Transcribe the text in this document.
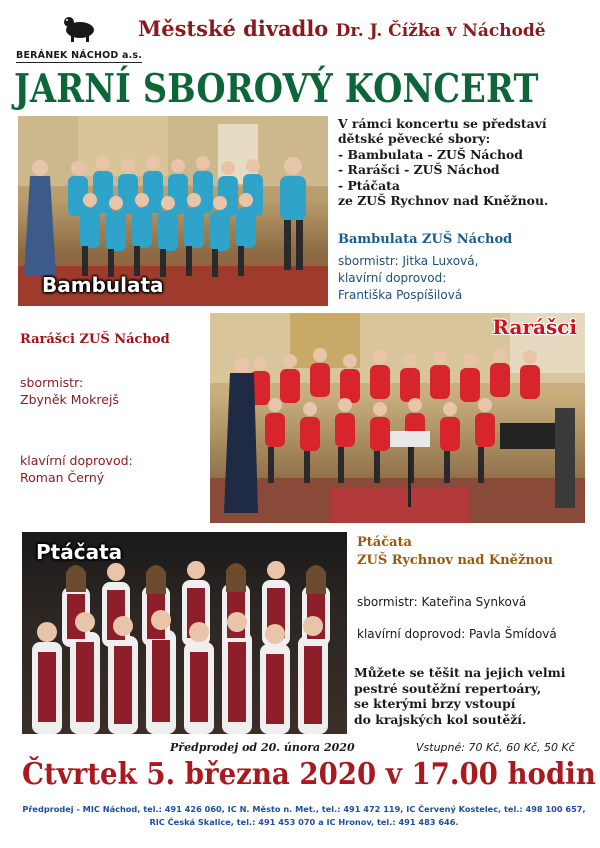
BERÁNEK NÁCHOD a.s.
Městské divadlo Dr. J. Čížka v Náchodě
JARNÍ SBOROVÝ KONCERT
Bambulata
V rámci koncertu se představí
dětské pěvecké sbory:
- Bambulata - ZUŠ Náchod
- Rarášci - ZUŠ Náchod
- Ptáčata
ze ZUŠ Rychnov nad Kněžnou.
Bambulata ZUŠ Náchod
sbormistr: Jitka Luxová,
klavírní doprovod:
Františka Pospíšilová
Rarášci ZUŠ Náchod
sbormistr:
Zbyněk Mokrejš
klavírní doprovod:
Roman Černý
Rarášci
Ptáčata	Ptáčata
ZUŠ Rychnov nad Kněžnou
sbormistr: Kateřina Synková
klavírní doprovod: Pavla Šmídová
Můžete se těšit na jejich velmi
pestré soutěžní repertoáry,
se kterými brzy vstoupí
do krajských kol soutěží.
Předprodej od 20. února 2020	Vstupné: 70 Kč, 60 Kč, 50 Kč
Čtvrtek 5. března 2020 v 17.00 hodin
Předprodej - MIC Náchod, tel.: 491 426 060, IC N. Město n. Met., tel.: 491 472 119, IC Červený Kostelec, tel.: 498 100 657,
RIC Česká Skalice, tel.: 491 453 070 a IC Hronov, tel.: 491 483 646.
